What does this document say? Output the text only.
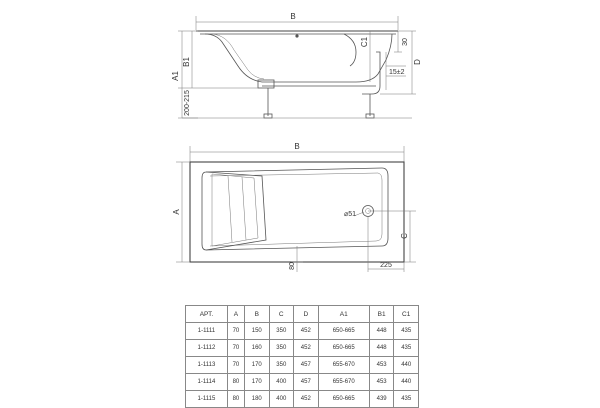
B
A1
B1
200-215
C1	30
D
15±2
B
⌀51
A
C
80	225
АРТ.	A	B	C	D	A1	B1	C1
1-1111	70	150	350	452	650-665	448	435
1-1112	70	160	350	452	650-665	448	435
1-1113	70	170	350	457	655-670	453	440
1-1114	80	170	400	457	655-670	453	440
1-1115	80	180	400	452	650-665	439	435
